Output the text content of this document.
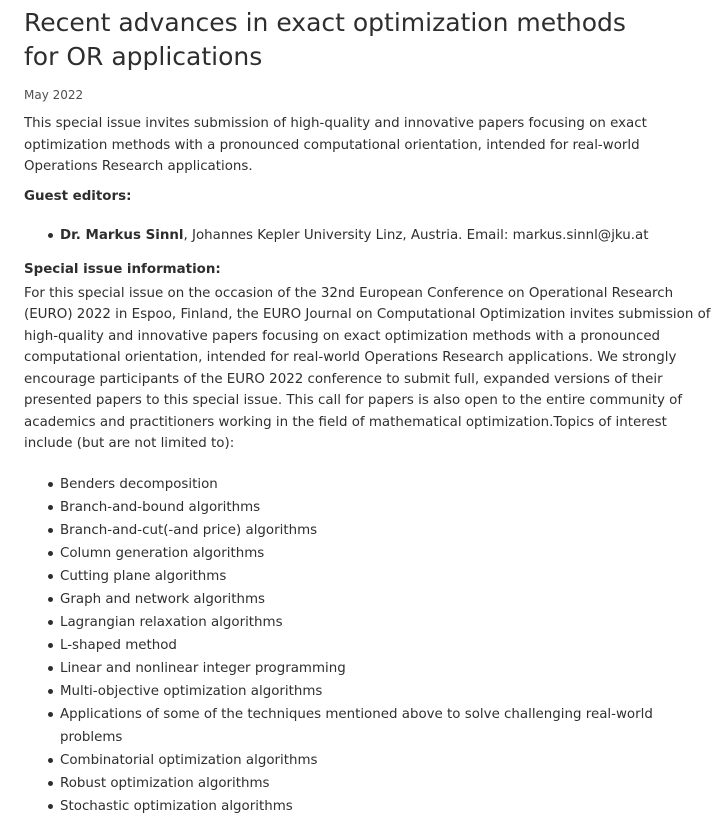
Recent advances in exact optimization methods for OR applications
May 2022

This special issue invites submission of high-quality and innovative papers focusing on exact optimization methods with a pronounced computational orientation, intended for real-world Operations Research applications.

Guest editors:
Dr. Markus Sinnl, Johannes Kepler University Linz, Austria. Email: markus.sinnl@jku.at
Special issue information:

For this special issue on the occasion of the 32nd European Conference on Operational Research (EURO) 2022 in Espoo, Finland, the EURO Journal on Computational Optimization invites submission of high-quality and innovative papers focusing on exact optimization methods with a pronounced computational orientation, intended for real-world Operations Research applications. We strongly encourage participants of the EURO 2022 conference to submit full, expanded versions of their presented papers to this special issue. This call for papers is also open to the entire community of academics and practitioners working in the field of mathematical optimization.Topics of interest include (but are not limited to):

Benders decomposition
Branch-and-bound algorithms
Branch-and-cut(-and price) algorithms
Column generation algorithms
Cutting plane algorithms
Graph and network algorithms
Lagrangian relaxation algorithms
L-shaped method
Linear and nonlinear integer programming
Multi-objective optimization algorithms
Applications of some of the techniques mentioned above to solve challenging real-world problems
Combinatorial optimization algorithms
Robust optimization algorithms
Stochastic optimization algorithms
